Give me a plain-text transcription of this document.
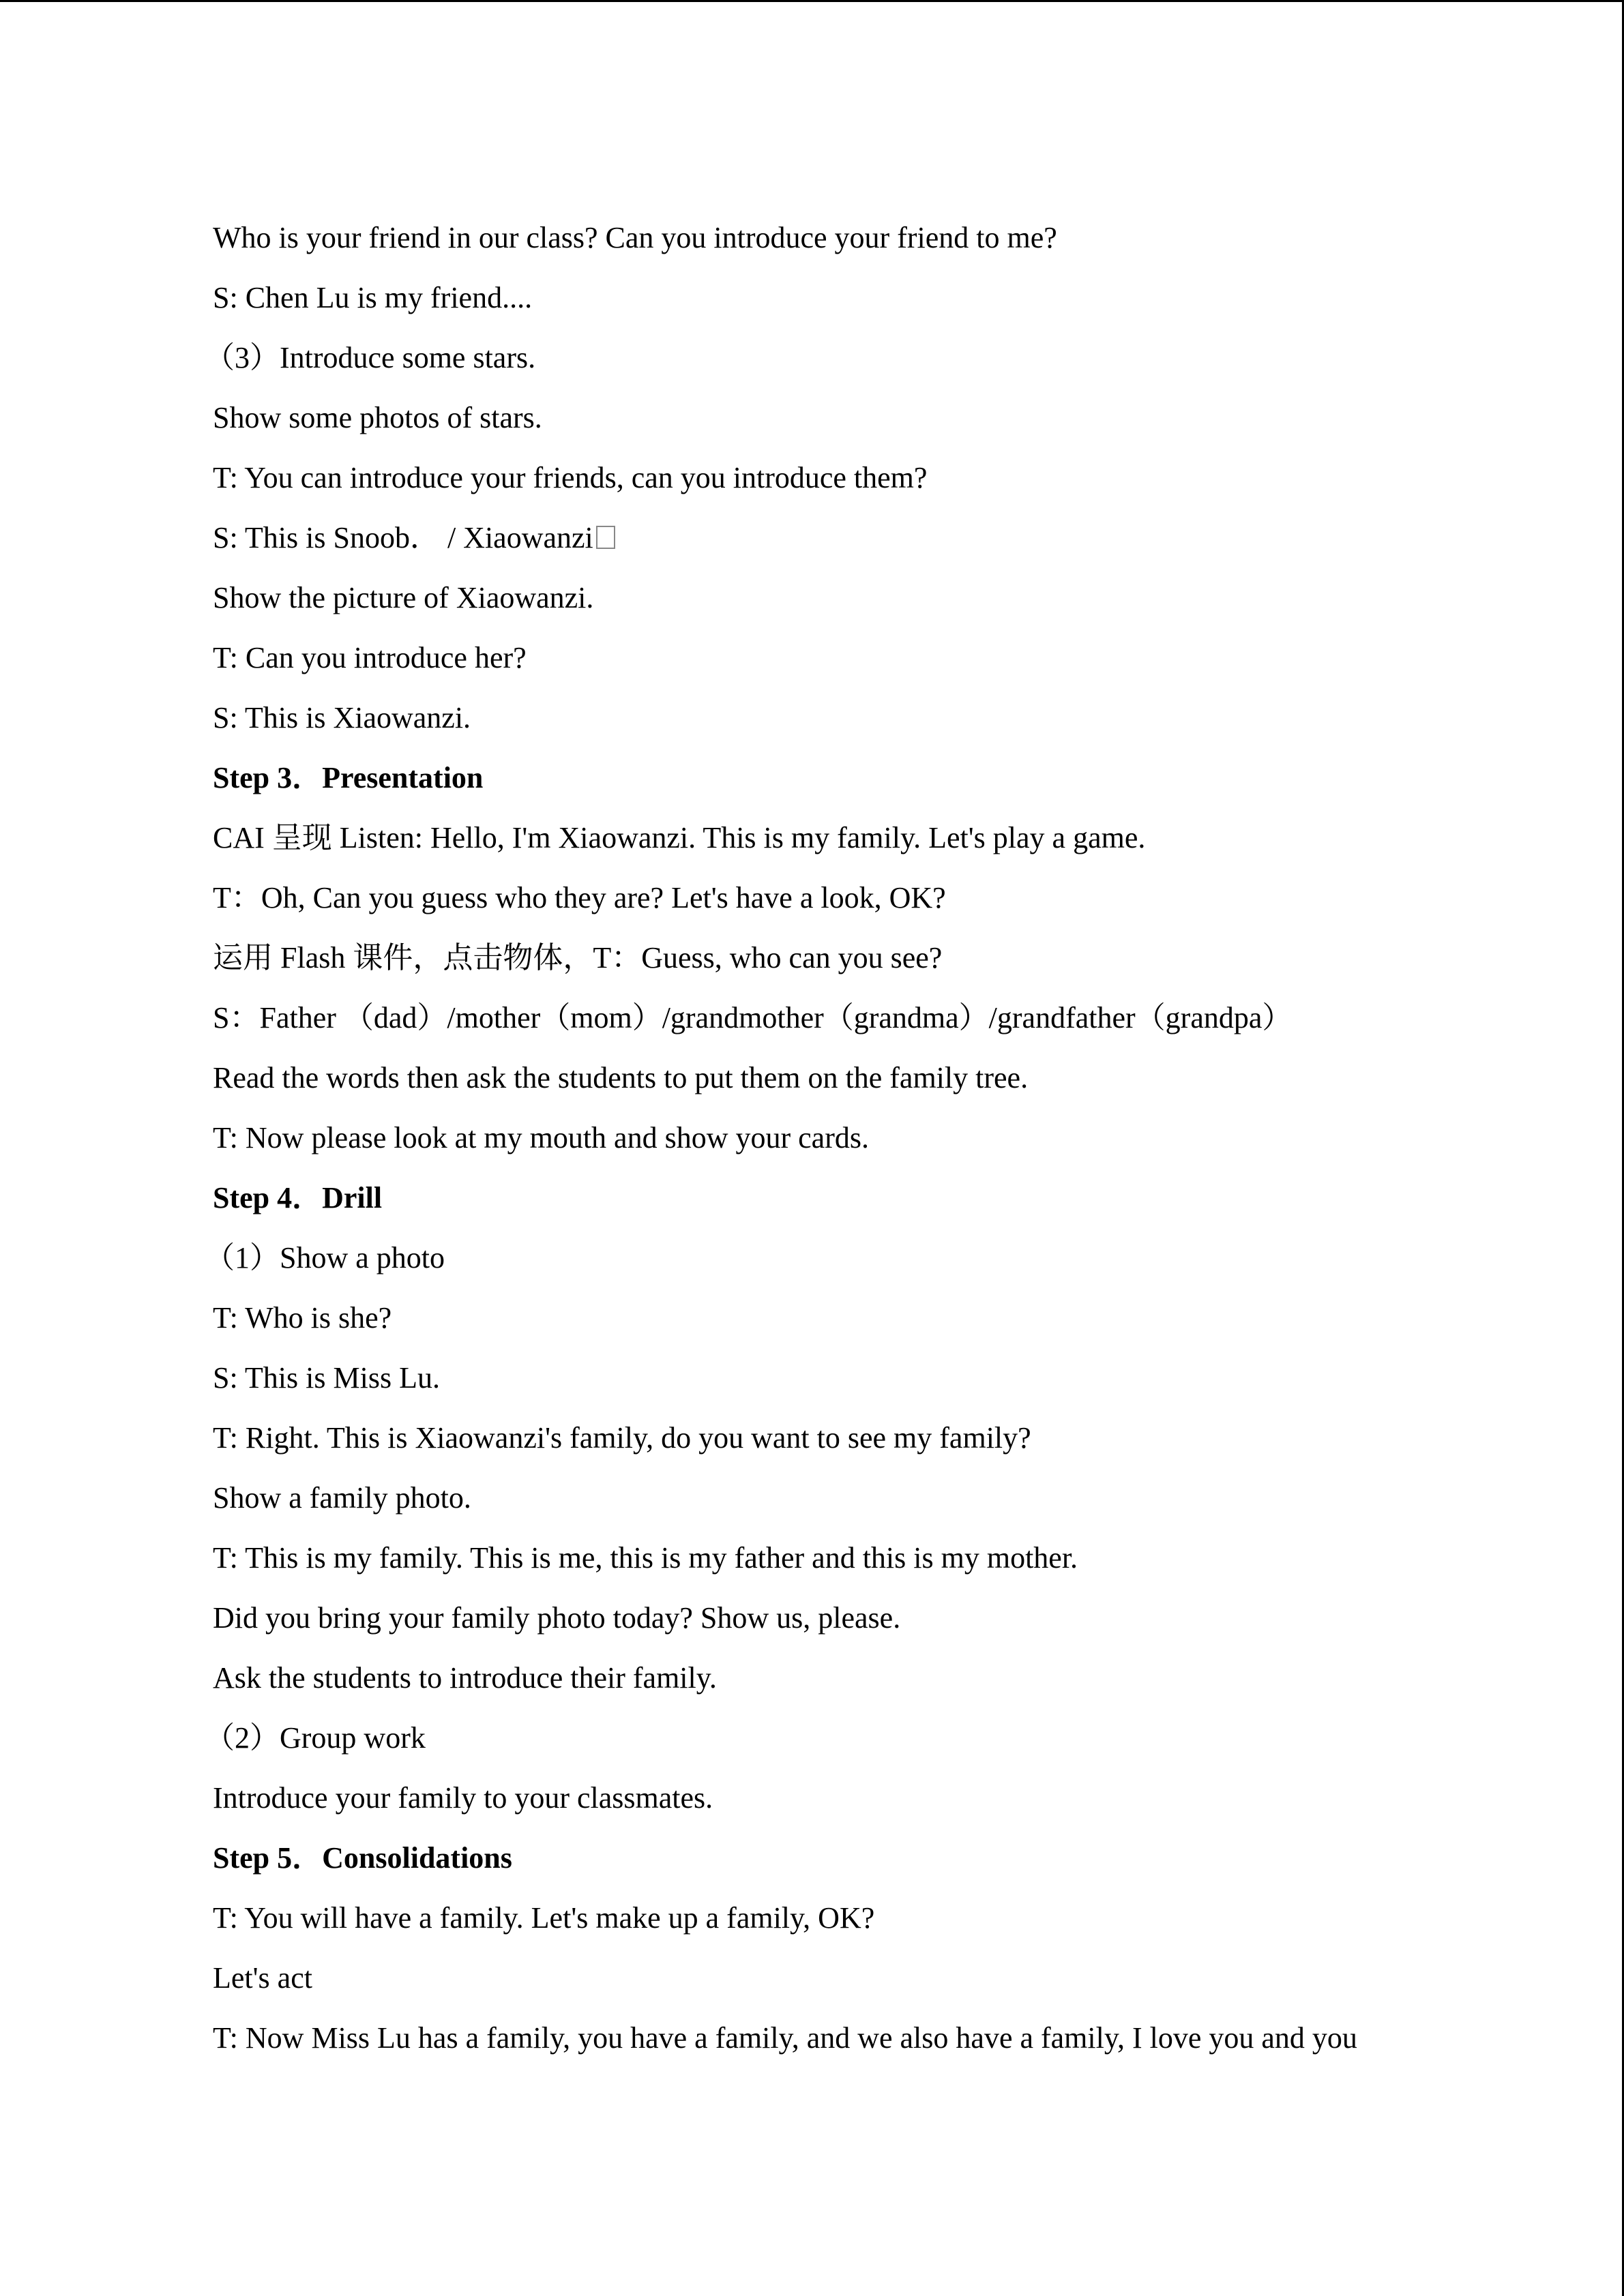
Who is your friend in our class? Can you introduce your friend to me?
S: Chen Lu is my friend....
（3）Introduce some stars.
Show some photos of stars.
T: You can introduce your friends, can you introduce them?
S: This is Snoob． / Xiaowanzi
Show the picture of Xiaowanzi.
T: Can you introduce her?
S: This is Xiaowanzi.
Step 3．Presentation
CAI 呈现 Listen: Hello, I'm Xiaowanzi. This is my family. Let's play a game.
T：Oh, Can you guess who they are? Let's have a look, OK?
运用 Flash 课件，点击物体，T：Guess, who can you see?
S：Father （dad）/mother（mom）/grandmother（grandma）/grandfather（grandpa）
Read the words then ask the students to put them on the family tree.
T: Now please look at my mouth and show your cards.
Step 4．Drill
（1）Show a photo
T: Who is she?
S: This is Miss Lu.
T: Right. This is Xiaowanzi's family, do you want to see my family?
Show a family photo.
T: This is my family. This is me, this is my father and this is my mother.
Did you bring your family photo today? Show us, please.
Ask the students to introduce their family.
（2）Group work
Introduce your family to your classmates.
Step 5．Consolidations
T: You will have a family. Let's make up a family, OK?
Let's act
T: Now Miss Lu has a family, you have a family, and we also have a family, I love you and you
